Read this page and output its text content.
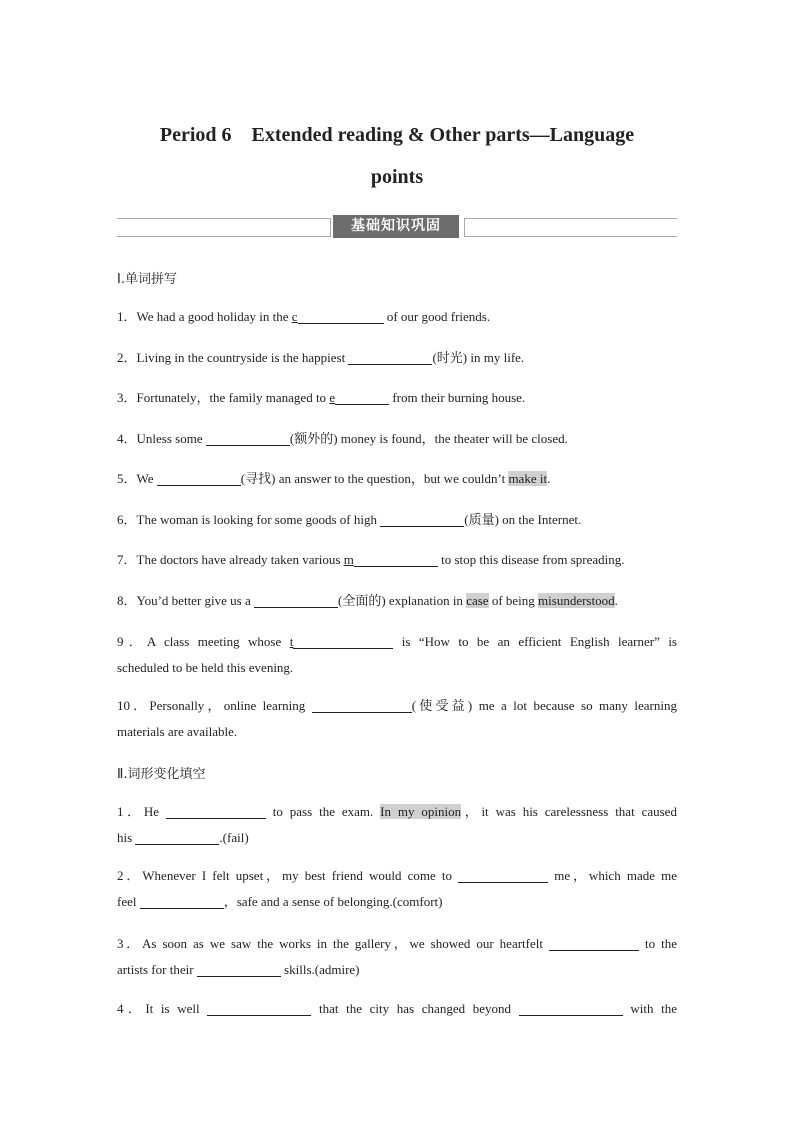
Period 6　Extended reading & Other parts—Language
points
基础知识巩固
Ⅰ.单词拼写
1．We had a good holiday in the c	of our good friends.
2．Living in the countryside is the happiest	(时光) in my life.
3．Fortunately，the family managed to e	from their burning house.
4．Unless some	(额外的) money is found，the theater will be closed.
5．We	(寻找) an answer to the question，but we couldn’t make it.
6．The woman is looking for some goods of high	(质量) on the Internet.
7．The doctors have already taken various m	to stop this disease from spreading.
8．You’d better give us a	(全面的) explanation in case of being misunderstood.
9．A class meeting whose t	is “How to be an efficient English learner” is
scheduled to be held this evening.
10．Personally，online learning	(使受益) me a lot because so many learning
materials are available.
Ⅱ.词形变化填空
1．He	to pass the exam. In my opinion，it was his carelessness that caused
his	.(fail)
2．Whenever I felt upset，my best friend would come to	me，which made me
feel	，safe and a sense of belonging.(comfort)
3．As soon as we saw the works in the gallery，we showed our heartfelt	to the
artists for their	skills.(admire)
4．It is well	that the city has changed beyond	with the
